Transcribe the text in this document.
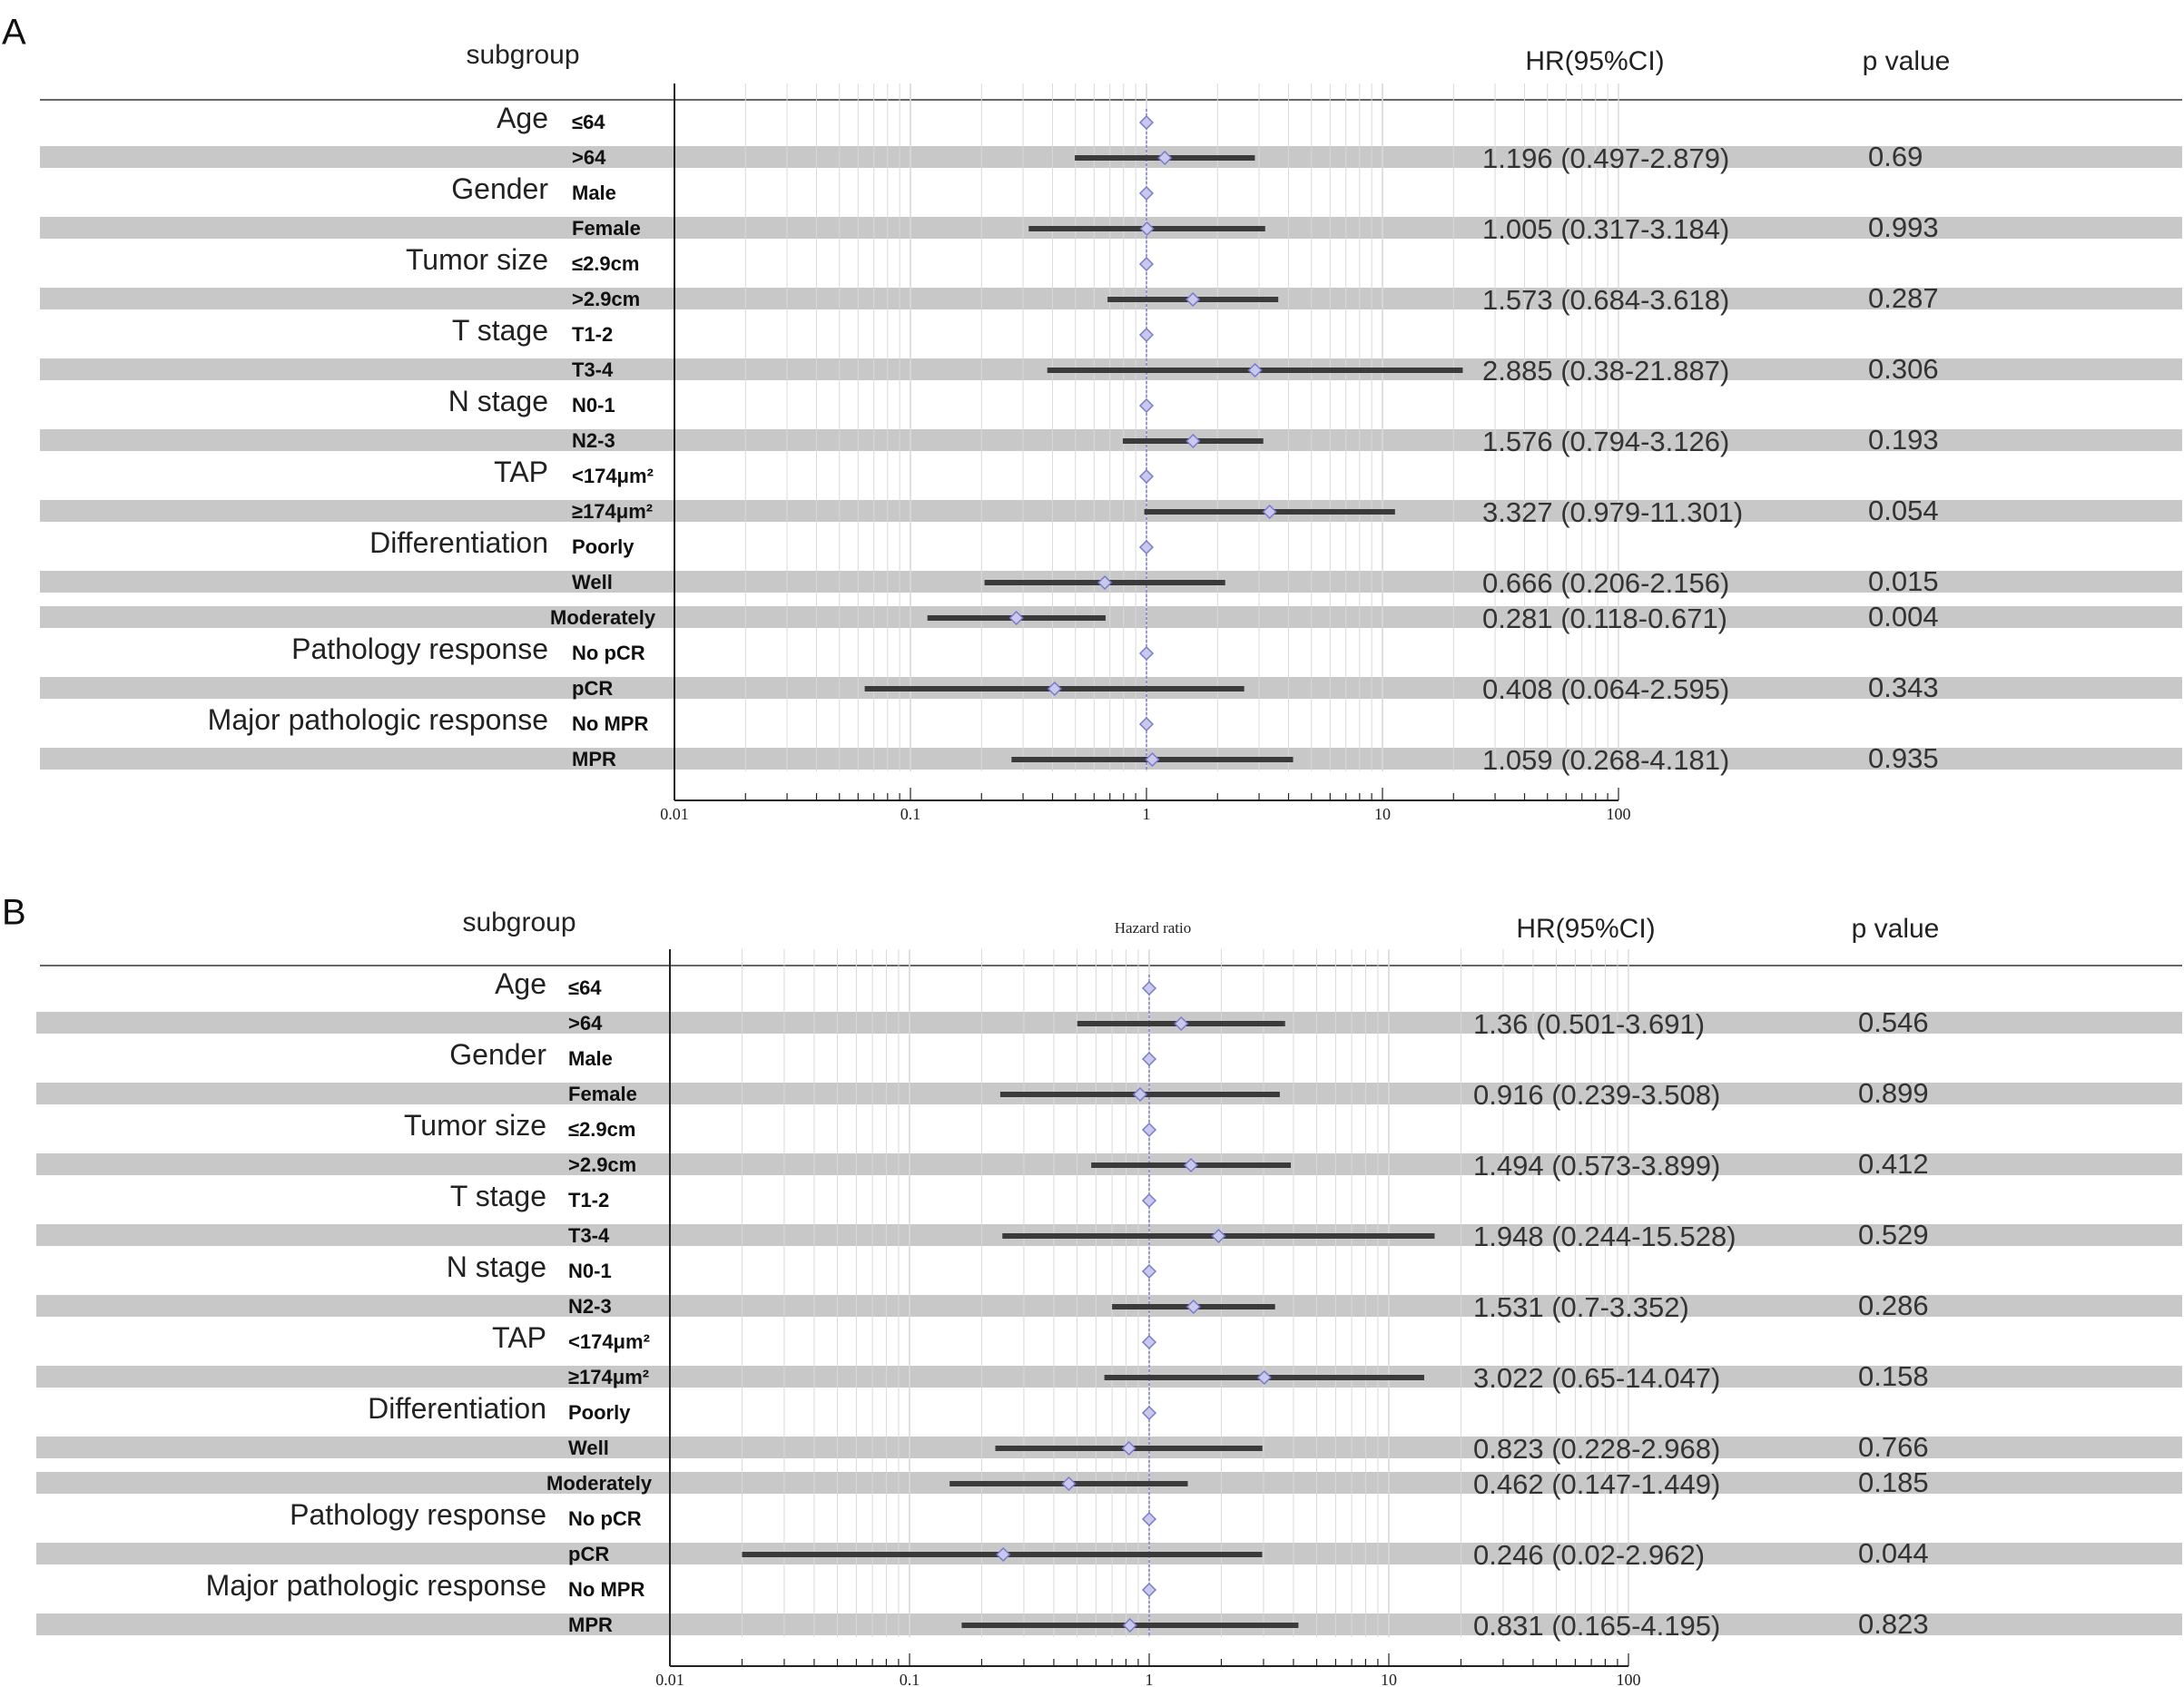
A
subgroup	HR(95%CI)	p value
Age ≤64
>64	1.196 (0.497-2.879)	0.69
Gender Male
Female	1.005 (0.317-3.184)	0.993
Tumor size ≤2.9cm
>2.9cm	1.573 (0.684-3.618)	0.287
T stage T1-2
T3-4	2.885 (0.38-21.887)	0.306
N stage N0-1
N2-3	1.576 (0.794-3.126)	0.193
TAP <174μm²
≥174μm²	3.327 (0.979-11.301)	0.054
Differentiation Poorly
Well	0.666 (0.206-2.156)	0.015
Moderately	0.281 (0.118-0.671)	0.004
Pathology response No pCR
pCR	0.408 (0.064-2.595)	0.343
Major pathologic response No MPR
MPR	1.059 (0.268-4.181)	0.935
0.01	0.1	1	10	100
B	subgroup	HR(95%CI)	p value
Hazard ratio
Age ≤64
>64	1.36 (0.501-3.691)	0.546
Gender Male
Female	0.916 (0.239-3.508)	0.899
Tumor size ≤2.9cm
>2.9cm	1.494 (0.573-3.899)	0.412
T stage T1-2
T3-4	1.948 (0.244-15.528)	0.529
N stage N0-1
N2-3	1.531 (0.7-3.352)	0.286
TAP <174μm²
≥174μm²	3.022 (0.65-14.047)	0.158
Differentiation Poorly
Well	0.823 (0.228-2.968)	0.766
Moderately	0.462 (0.147-1.449)	0.185
Pathology response No pCR
pCR	0.246 (0.02-2.962)	0.044
Major pathologic response No MPR
MPR	0.831 (0.165-4.195)	0.823
0.01	0.1	1	10	100
